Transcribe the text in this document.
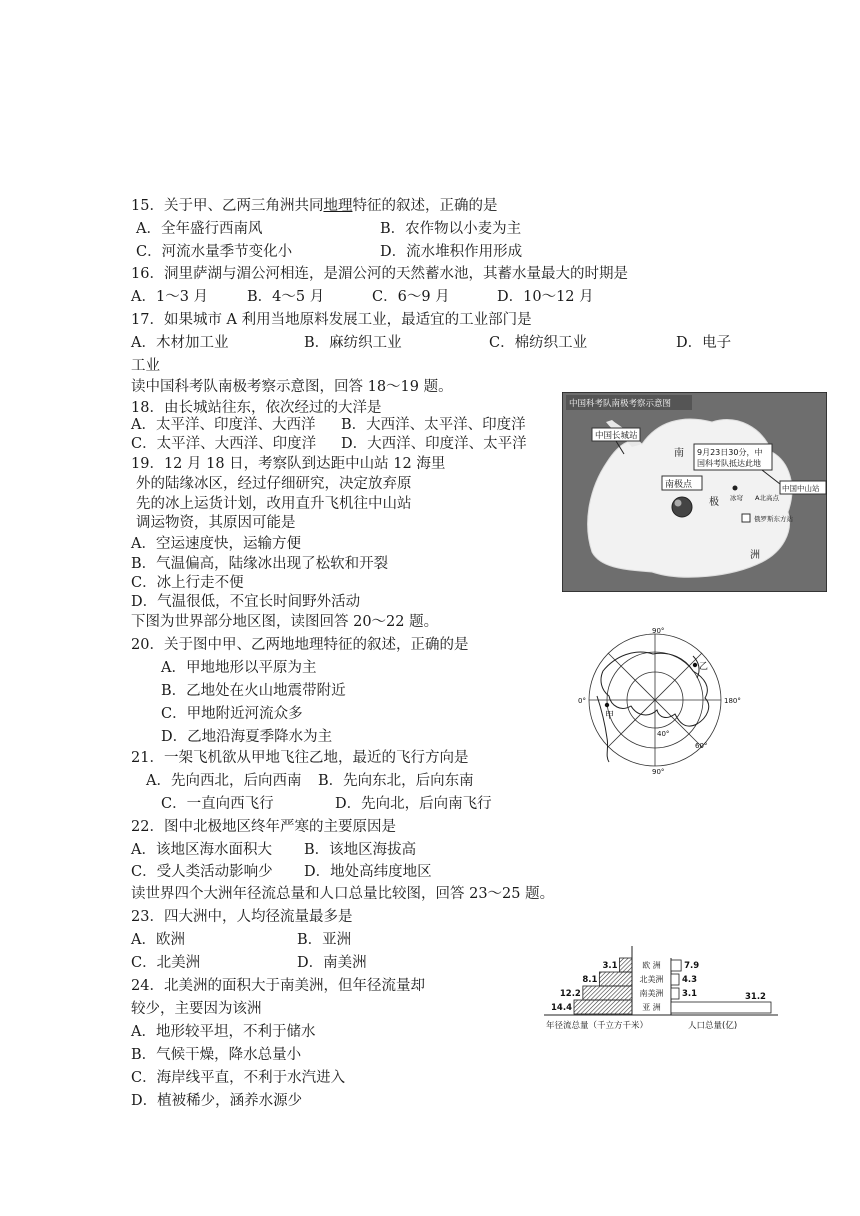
15．关于甲、乙两三角洲共同地理特征的叙述，正确的是
A．全年盛行西南风	B．农作物以小麦为主
C．河流水量季节变化小	D．流水堆积作用形成
16．洞里萨湖与湄公河相连，是湄公河的天然蓄水池，其蓄水量最大的时期是
A．1～3 月	B．4～5 月	C．6～9 月	D．10～12 月
17．如果城市 A 利用当地原料发展工业，最适宜的工业部门是
A．木材加工业	B．麻纺织工业	C．棉纺织工业	D．电子
工业
读中国科考队南极考察示意图，回答 18～19 题。
18．由长城站往东，依次经过的大洋是
A．太平洋、印度洋、大西洋 B．大西洋、太平洋、印度洋
C．太平洋、大西洋、印度洋 D．大西洋、印度洋、太平洋
19．12 月 18 日，考察队到达距中山站 12 海里
外的陆缘冰区，经过仔细研究，决定放弃原
先的冰上运货计划，改用直升飞机往中山站
调运物资，其原因可能是
A．空运速度快，运输方便
B．气温偏高，陆缘冰出现了松软和开裂
C．冰上行走不便
D．气温很低，不宜长时间野外活动
下图为世界部分地区图，读图回答 20～22 题。
20．关于图中甲、乙两地地理特征的叙述，正确的是
A．甲地地形以平原为主
B．乙地处在火山地震带附近
C．甲地附近河流众多
D．乙地沿海夏季降水为主
21．一架飞机欲从甲地飞往乙地，最近的飞行方向是
A．先向西北，后向西南 B．先向东北，后向东南
C．一直向西飞行	D．先向北，后向南飞行
22．图中北极地区终年严寒的主要原因是
A．该地区海水面积大 B．该地区海拔高
C．受人类活动影响少 D．地处高纬度地区
读世界四个大洲年径流总量和人口总量比较图，回答 23～25 题。
23．四大洲中，人均径流量最多是
A．欧洲	B．亚洲
C．北美洲	D．南美洲
24．北美洲的面积大于南美洲，但年径流量却
较少，主要因为该洲
A．地形较平坦，不利于储水
B．气候干燥，降水总量小
C．海岸线平直，不利于水汽进入
D．植被稀少，涵养水源少
中国科考队南极考察示意图
中国长城站
9月23日30分，中
国科考队抵达此地
中国中山站
南
南极点
极 冰穹 A北高点
俄罗斯东方站
洲
乙
甲
90°
0°	180°
40°
60°
90°
3.1	欧 洲	7.9
8.1	北美洲 4.3
12.2	南美洲 3.1
14.4	亚 洲
31.2
年径流总量（千立方千米）	人口总量(亿)
